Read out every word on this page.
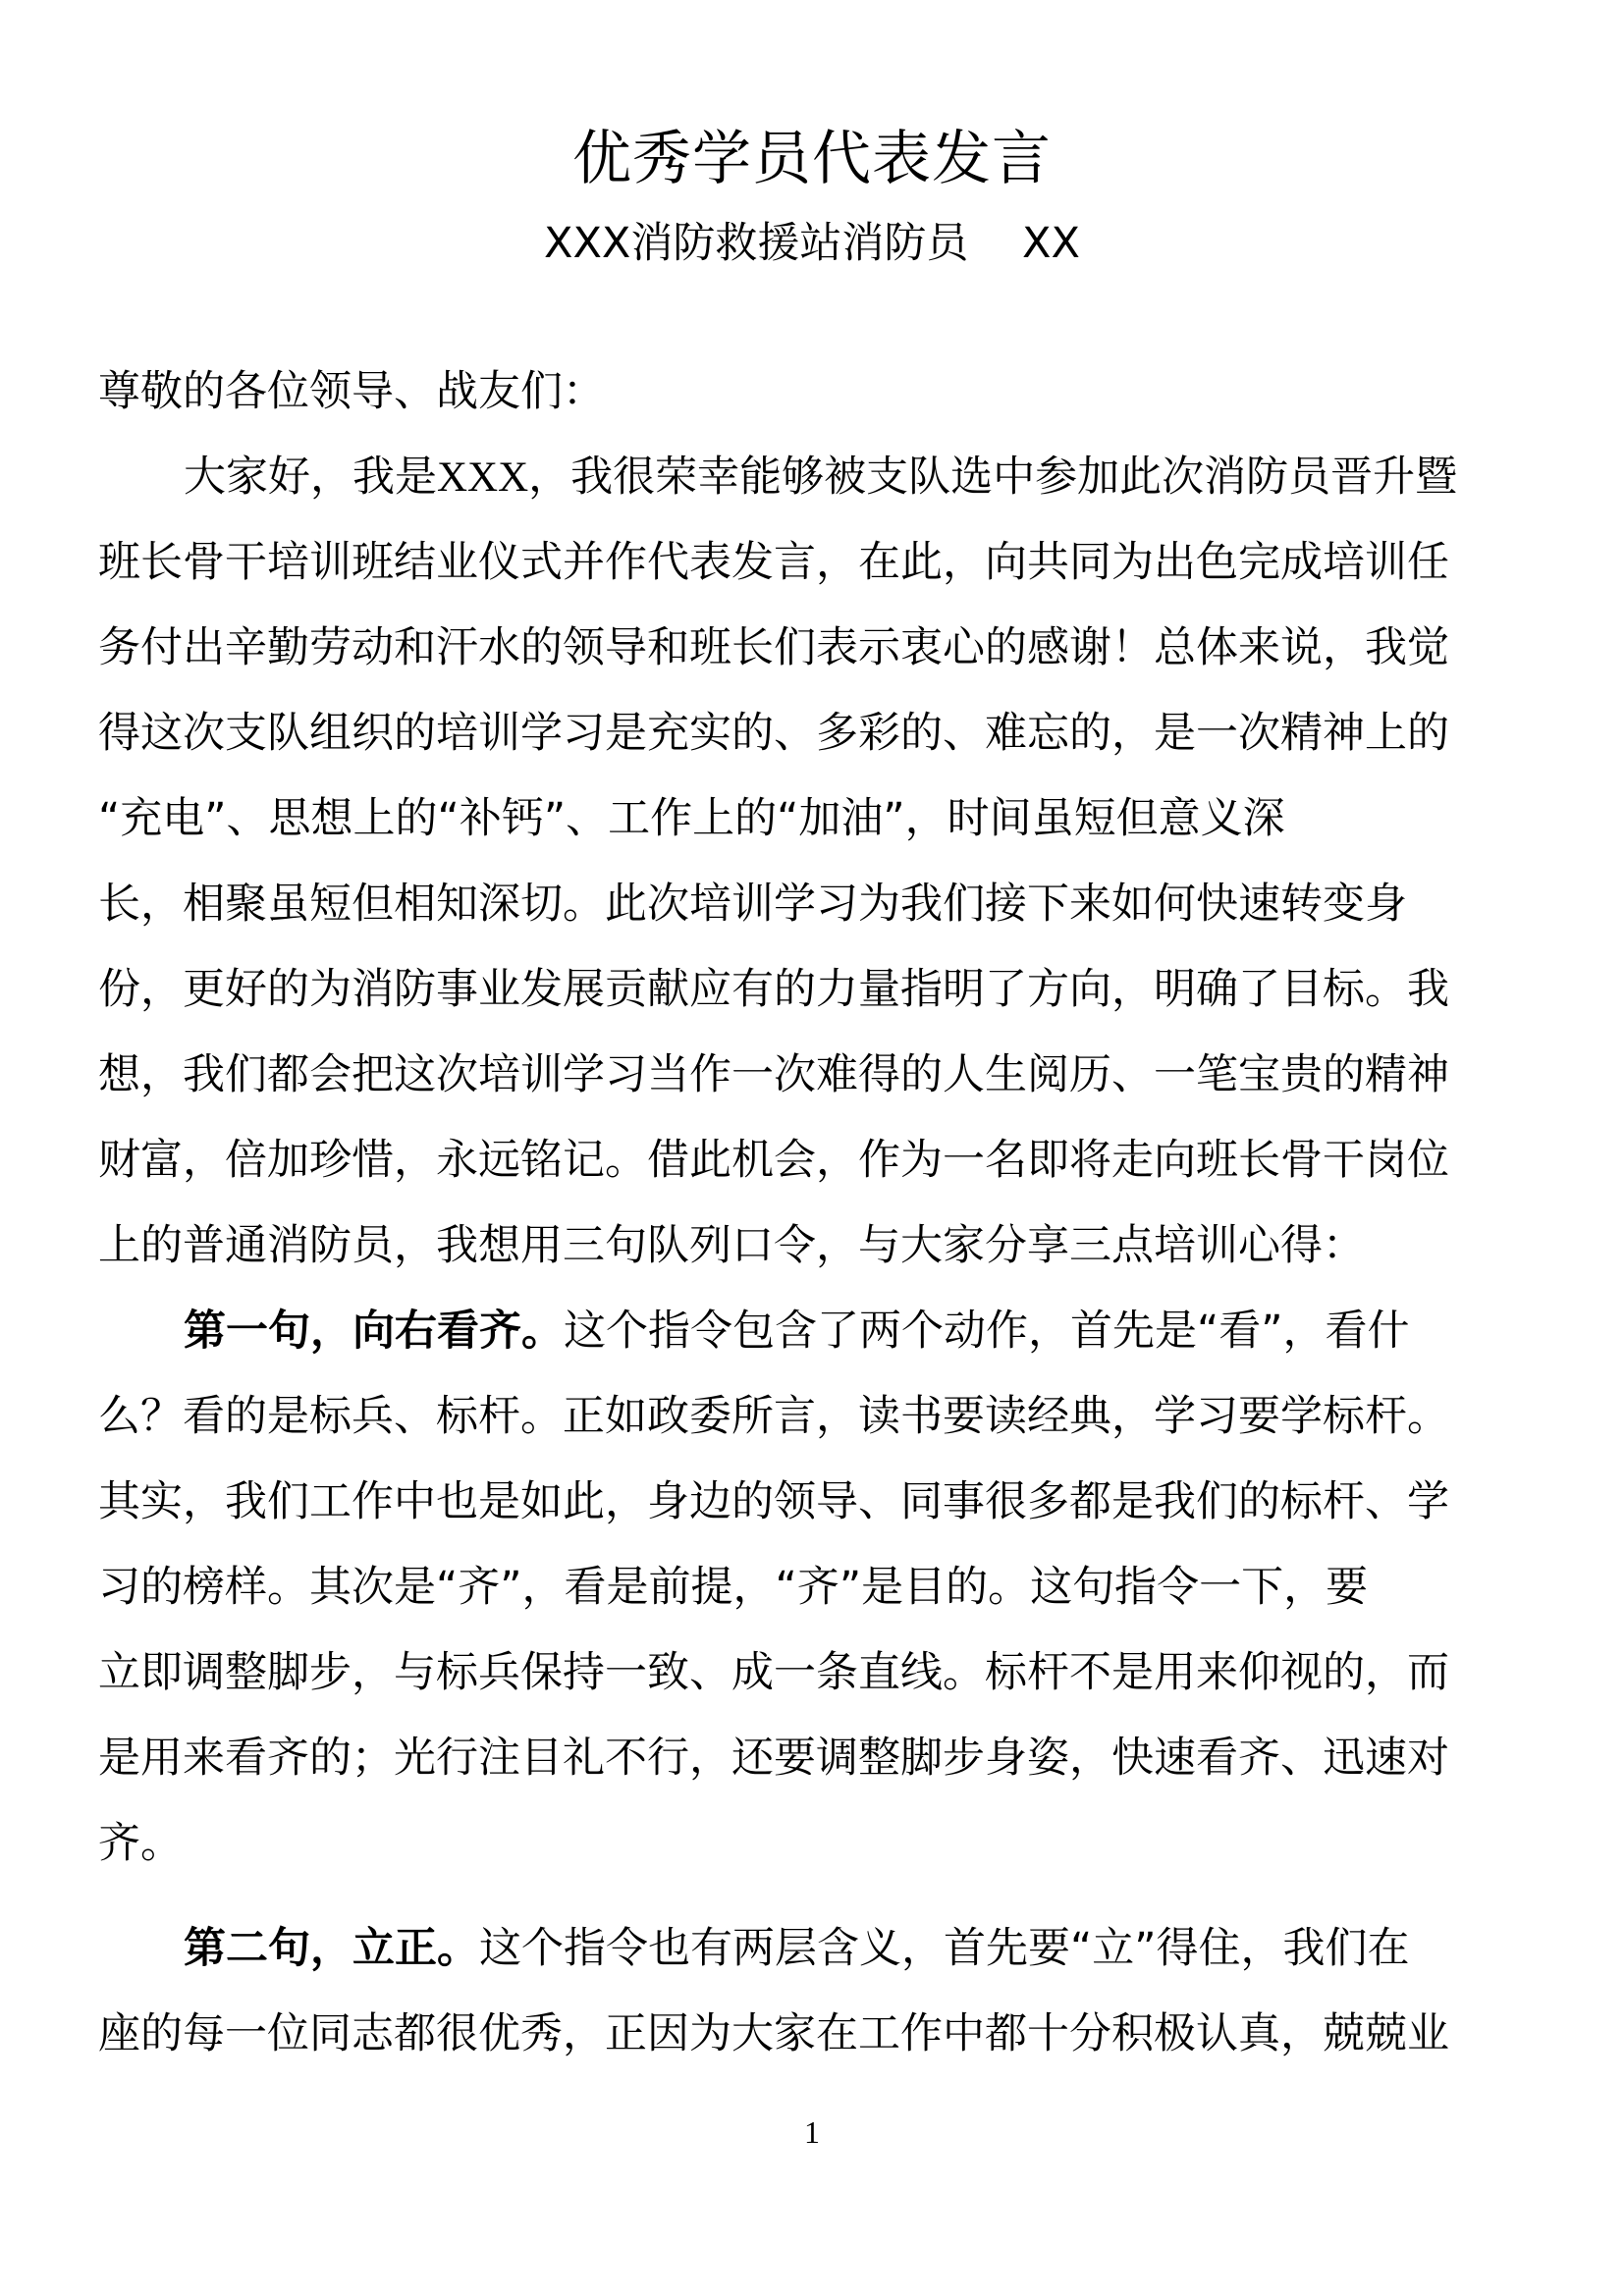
优秀学员代表发言
XXX消防救援站消防员    XX
尊敬的各位领导、战友们：
大家好，我是XXX，我很荣幸能够被支队选中参加此次消防员晋升暨
班长骨干培训班结业仪式并作代表发言，在此，向共同为出色完成培训任
务付出辛勤劳动和汗水的领导和班长们表示衷心的感谢！总体来说，我觉
得这次支队组织的培训学习是充实的、多彩的、难忘的，是一次精神上的
“充电”、思想上的“补钙”、工作上的“加油”，时间虽短但意义深
长，相聚虽短但相知深切。此次培训学习为我们接下来如何快速转变身
份，更好的为消防事业发展贡献应有的力量指明了方向，明确了目标。我
想，我们都会把这次培训学习当作一次难得的人生阅历、一笔宝贵的精神
财富，倍加珍惜，永远铭记。借此机会，作为一名即将走向班长骨干岗位
上的普通消防员，我想用三句队列口令，与大家分享三点培训心得：
第一句，向右看齐。这个指令包含了两个动作，首先是“看”，看什
么？看的是标兵、标杆。正如政委所言，读书要读经典，学习要学标杆。
其实，我们工作中也是如此，身边的领导、同事很多都是我们的标杆、学
习的榜样。其次是“齐”，看是前提，“齐”是目的。这句指令一下，要
立即调整脚步，与标兵保持一致、成一条直线。标杆不是用来仰视的，而
是用来看齐的；光行注目礼不行，还要调整脚步身姿，快速看齐、迅速对
齐。
第二句，立正。这个指令也有两层含义，首先要“立”得住，我们在
座的每一位同志都很优秀，正因为大家在工作中都十分积极认真，兢兢业
1
